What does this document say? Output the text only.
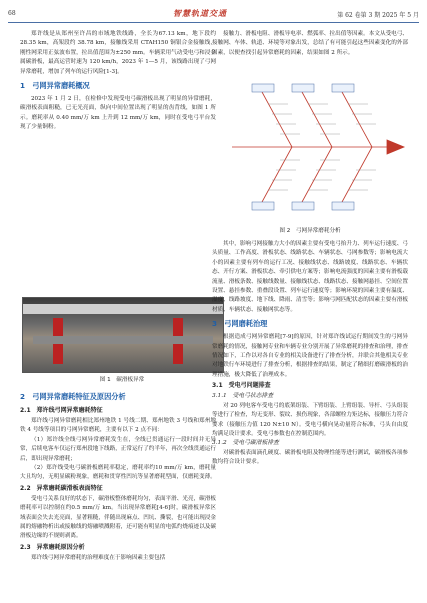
68	智慧轨道交通	第 62 卷第 3 期 2025 年 5 月

郑许线是从郑州至许昌的市域地铁线路，全长为67.13 km，地下段约 28.35 km，高架段约 38.78 km，接触线采用 CTAH150 铜银合金接触线，刚性网采用正弦波布置，拉出值范围为±250 mm。车辆采用气动受电弓和浸金属碳滑板，最高运营时速为 120 km/h，2023 年 1—5 月，该线路出现了弓网异常磨耗，增加了列车的运行风险[1-3]。

1　弓网异常磨耗概况

2023 年 1 月 2 日，在检修中发现受电弓碳滑板出现了明显的异常磨耗，碳滑板表面粗糙，已无光亮面，纵向中间位置出现了明显的齿背线，如图 1 所示。磨耗率从 0.40 mm/万 km 上升到 12 mm/万 km，同时在受电弓平台发现了少量铜粉。

图 1　碳滑板异常
2　弓网异常磨耗特征及原因分析
2.1　郑许线弓网异常磨耗特征

郑许线弓网异常磨耗相比郑州地铁 1 号线二期、郑州地铁 3 号线和郑州地铁 4 号线等项目的弓网异常磨耗，主要有以下 2 点不同：

（1）郑许线全线弓网异常磨耗发生在，全线已贯通运行一段时间并无异常，后续电客车仅运行郑州段地下线路，正常运行了约半年，再次全线贯通运行后，即出现异常磨耗；

（2）郑许线受电弓碳滑板磨耗率稳定，磨耗率约10 mm/万 km，磨耗量大且均匀，无明显碳粉现象，磨耗和贯穿性凹坑等显著磨耗型面，仅磨耗变薄。

2.2　异常磨耗碳滑板表面特征

受电弓关系良好的状态下，碳滑板整体磨耗均匀，表面平滑、光亮，碳滑板磨耗率可以控制在约0.5 mm/万 km。当出现异常磨耗[4-6]时，碳滑板异常区域表面会失去光亮面，显著粗糙，伴随出现麻点、凹坑、撕裂，也可能出现浸金属的熔融物析出或接触线的熔融喷溅附着，还可能有明显的电弧灼烧痕迹以及碳滑板边缘的不规则剥离。

2.3　异常磨耗原因分析

郑许线弓网异常磨耗的治理难度在于影响因素主要包括

接触力、滑板电阻、滑板导电率、燃弧率、拉出值等因素。本文从受电弓、接触网、车体、轨道、环境等对象出发，总结了有可能引起这些因素变化的外部因素，以便查找引起异常磨耗的因素，结果如图 2 所示。

图 2　弓网异常磨耗分析

其中，影响弓网接触力大小的因素主要有受电弓抬升力、列车运行速度、弓头质量、工作高度、滑板状态、线路状态、车辆状态、弓网参数等；影响电流大小的因素主要有列车的运行工况、接触线状态、线路坡度、线路状态、车辆状态、开行方案、滑板状态、牵引供电方案等；影响电流强度的因素主要有滑板载流量、滑板条数、接触线数量、接触线状态、线路状态、接触网悬挂、空间位置设置、悬挂参数、重叠段设置、列车运行速度等；影响环境的因素主要有温度、湿度、线路坡度、地下线、降雨、清雪等；影响弓网匹配状态的因素主要有滑板材质、车辆状态、接触网状态等。

3　弓网磨耗治理

根据造成弓网异常磨耗[7-9]的原因，针对郑许线试运行期间发生的弓网异常磨耗的情况，接触网专业和车辆专业分别开展了异常磨耗的排查和治理，排查情况如下，工作以对各自专业的相关设备进行了排查分析，并联合其他相关专业对地铁行车环境进行了排查分析，根据排查的结果，制定了精细打磨碳滑板的治理措施，极大降低了治理成本。

3.1　受电弓问题排查
3.1.1　受电弓状态排查

对 20 列电客车受电弓的底架组装、下臂组装、上臂组装、导杆、弓头组装等进行了检查，均无变形、裂纹、损伤现象，各部螺栓力矩达标，接触压力符合要求（接触压力值 120 N±10 N）。受电弓横向晃动量符合标准，弓头自由度均满足设计要求。受电弓参数也在控制范围内。

3.1.2　受电弓碳滑板排查

对碳滑板表面滴孔硬度、碳滑板电阻及物理性能等进行测试，碳滑板各项参数均符合设计要求。
